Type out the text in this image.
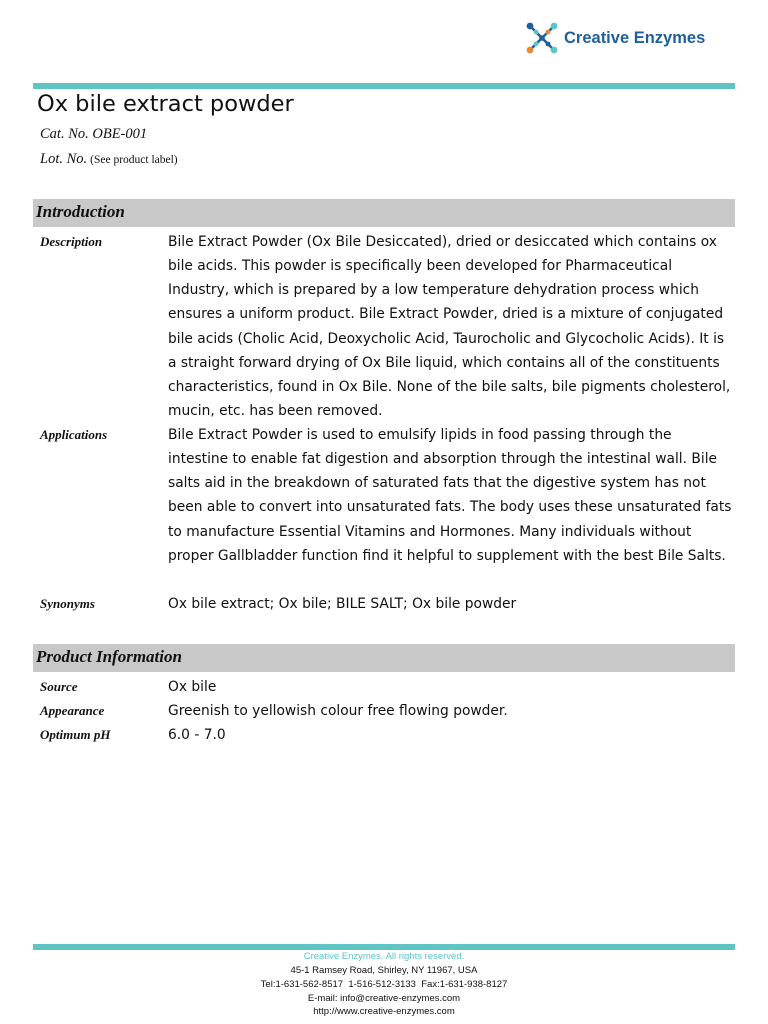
Creative Enzymes
Ox bile extract powder
Cat. No. OBE-001
Lot. No. (See product label)
Introduction
Description	Bile Extract Powder (Ox Bile Desiccated), dried or desiccated which contains ox bile acids. This powder is specifically been developed for Pharmaceutical Industry, which is prepared by a low temperature dehydration process which ensures a uniform product. Bile Extract Powder, dried is a mixture of conjugated bile acids (Cholic Acid, Deoxycholic Acid, Taurocholic and Glycocholic Acids). It is a straight forward drying of Ox Bile liquid, which contains all of the constituents characteristics, found in Ox Bile. None of the bile salts, bile pigments cholesterol, mucin, etc. has been removed.
Applications	Bile Extract Powder is used to emulsify lipids in food passing through the intestine to enable fat digestion and absorption through the intestinal wall. Bile salts aid in the breakdown of saturated fats that the digestive system has not been able to convert into unsaturated fats. The body uses these unsaturated fats to manufacture Essential Vitamins and Hormones. Many individuals without proper Gallbladder function find it helpful to supplement with the best Bile Salts.
Synonyms	Ox bile extract; Ox bile; BILE SALT; Ox bile powder
Product Information
Source	Ox bile
Appearance	Greenish to yellowish colour free flowing powder.
Optimum pH	6.0 - 7.0
Creative Enzymes. All rights reserved.
45-1 Ramsey Road, Shirley, NY 11967, USA
Tel:1-631-562-8517  1-516-512-3133  Fax:1-631-938-8127
E-mail: info@creative-enzymes.com
http://www.creative-enzymes.com
